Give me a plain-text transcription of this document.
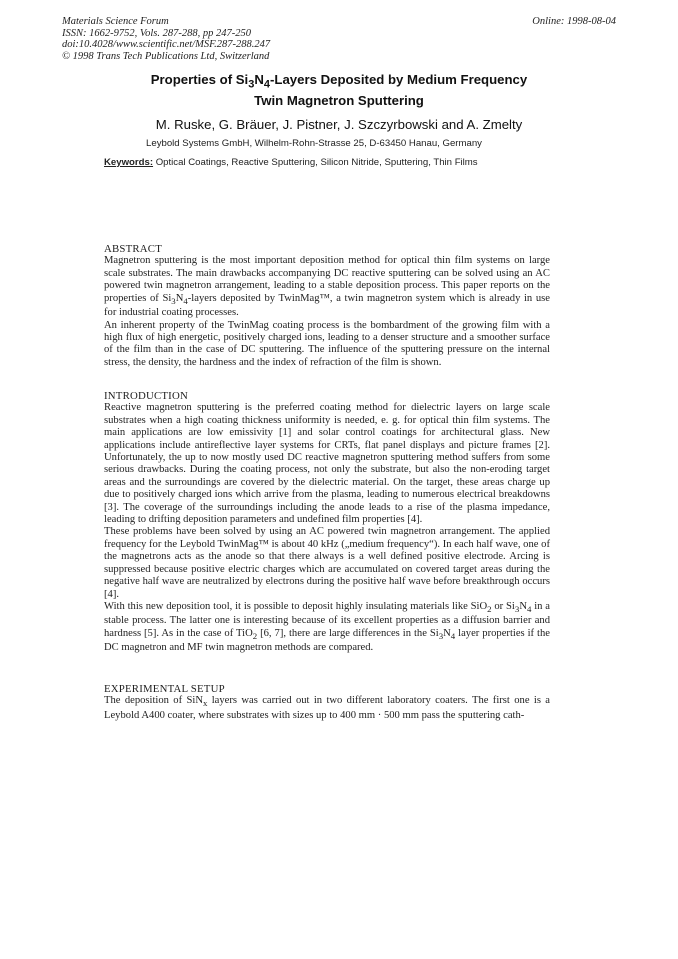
Materials Science Forum
ISSN: 1662-9752, Vols. 287-288, pp 247-250
doi:10.4028/www.scientific.net/MSF.287-288.247
© 1998 Trans Tech Publications Ltd, Switzerland
Online: 1998-08-04
Properties of $Si_3N_4$-Layers Deposited by Medium Frequency
Twin Magnetron Sputtering
M. Ruske, G. Bräuer, J. Pistner, J. Szczyrbowski and A. Zmelty
Leybold Systems GmbH, Wilhelm-Rohn-Strasse 25, D-63450 Hanau, Germany
Keywords: Optical Coatings, Reactive Sputtering, Silicon Nitride, Sputtering, Thin Films

ABSTRACT

Magnetron sputtering is the most important deposition method for optical thin film systems on large scale substrates. The main drawbacks accompanying DC reactive sputtering can be solved using an AC powered twin magnetron arrangement, leading to a stable deposition process. This paper reports on the properties of $Si_3N_4$-layers deposited by TwinMag™, a twin magnetron system which is already in use for industrial coating processes.

An inherent property of the TwinMag coating process is the bombardment of the growing film with a high flux of high energetic, positively charged ions, leading to a denser structure and a smoother surface of the film than in the case of DC sputtering. The influence of the sputtering pressure on the internal stress, the density, the hardness and the index of refraction of the film is shown.

INTRODUCTION

Reactive magnetron sputtering is the preferred coating method for dielectric layers on large scale substrates when a high coating thickness uniformity is needed, e. g. for optical thin film systems. The main applications are low emissivity [1] and solar control coatings for architectural glass. New applications include antireflective layer systems for CRTs, flat panel displays and picture frames [2]. Unfortunately, the up to now mostly used DC reactive magnetron sputtering method suffers from some serious drawbacks. During the coating process, not only the substrate, but also the non-eroding target areas and the surroundings are covered by the dielectric material. On the target, these areas charge up due to positively charged ions which arrive from the plasma, leading to numerous electrical breakdowns [3]. The coverage of the surroundings including the anode leads to a rise of the plasma impedance, leading to drifting deposition parameters and undefined film properties [4].

These problems have been solved by using an AC powered twin magnetron arrangement. The applied frequency for the Leybold TwinMag™ is about 40 kHz („medium frequency“). In each half wave, one of the magnetrons acts as the anode so that there always is a well defined positive electrode. Arcing is suppressed because positive electric charges which are accumulated on covered target areas during the negative half wave are neutralized by electrons during the positive half wave before breakthrough occurs [4].

With this new deposition tool, it is possible to deposit highly insulating materials like SiO$_2$ or $Si_3N_4$ in a stable process. The latter one is interesting because of its excellent properties as a diffusion barrier and hardness [5]. As in the case of TiO$_2$ [6, 7], there are large differences in the $Si_3N_4$ layer properties if the DC magnetron and MF twin magnetron methods are compared.

EXPERIMENTAL SETUP

The deposition of SiN$_x$ layers was carried out in two different laboratory coaters. The first one is a Leybold A400 coater, where substrates with sizes up to 400 mm · 500 mm pass the sputtering cath-
